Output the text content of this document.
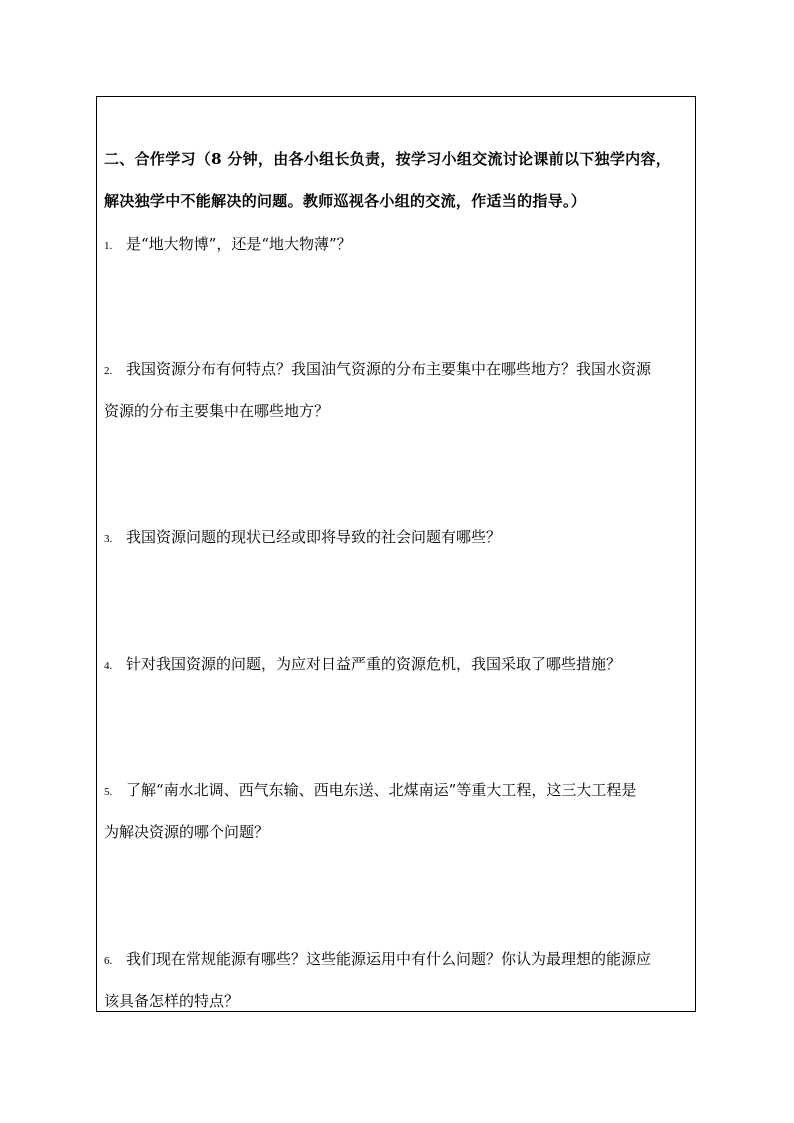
二、合作学习（8 分钟，由各小组长负责，按学习小组交流讨论课前以下独学内容，
解决独学中不能解决的问题。教师巡视各小组的交流，作适当的指导。）
1. 是“地大物博”，还是“地大物薄”？
2. 我国资源分布有何特点？我国油气资源的分布主要集中在哪些地方？我国水资源
资源的分布主要集中在哪些地方？
3. 我国资源问题的现状已经或即将导致的社会问题有哪些？
4. 针对我国资源的问题，为应对日益严重的资源危机，我国采取了哪些措施？
5. 了解“南水北调、西气东输、西电东送、北煤南运”等重大工程，这三大工程是
为解决资源的哪个问题？
6. 我们现在常规能源有哪些？这些能源运用中有什么问题？你认为最理想的能源应
该具备怎样的特点？
